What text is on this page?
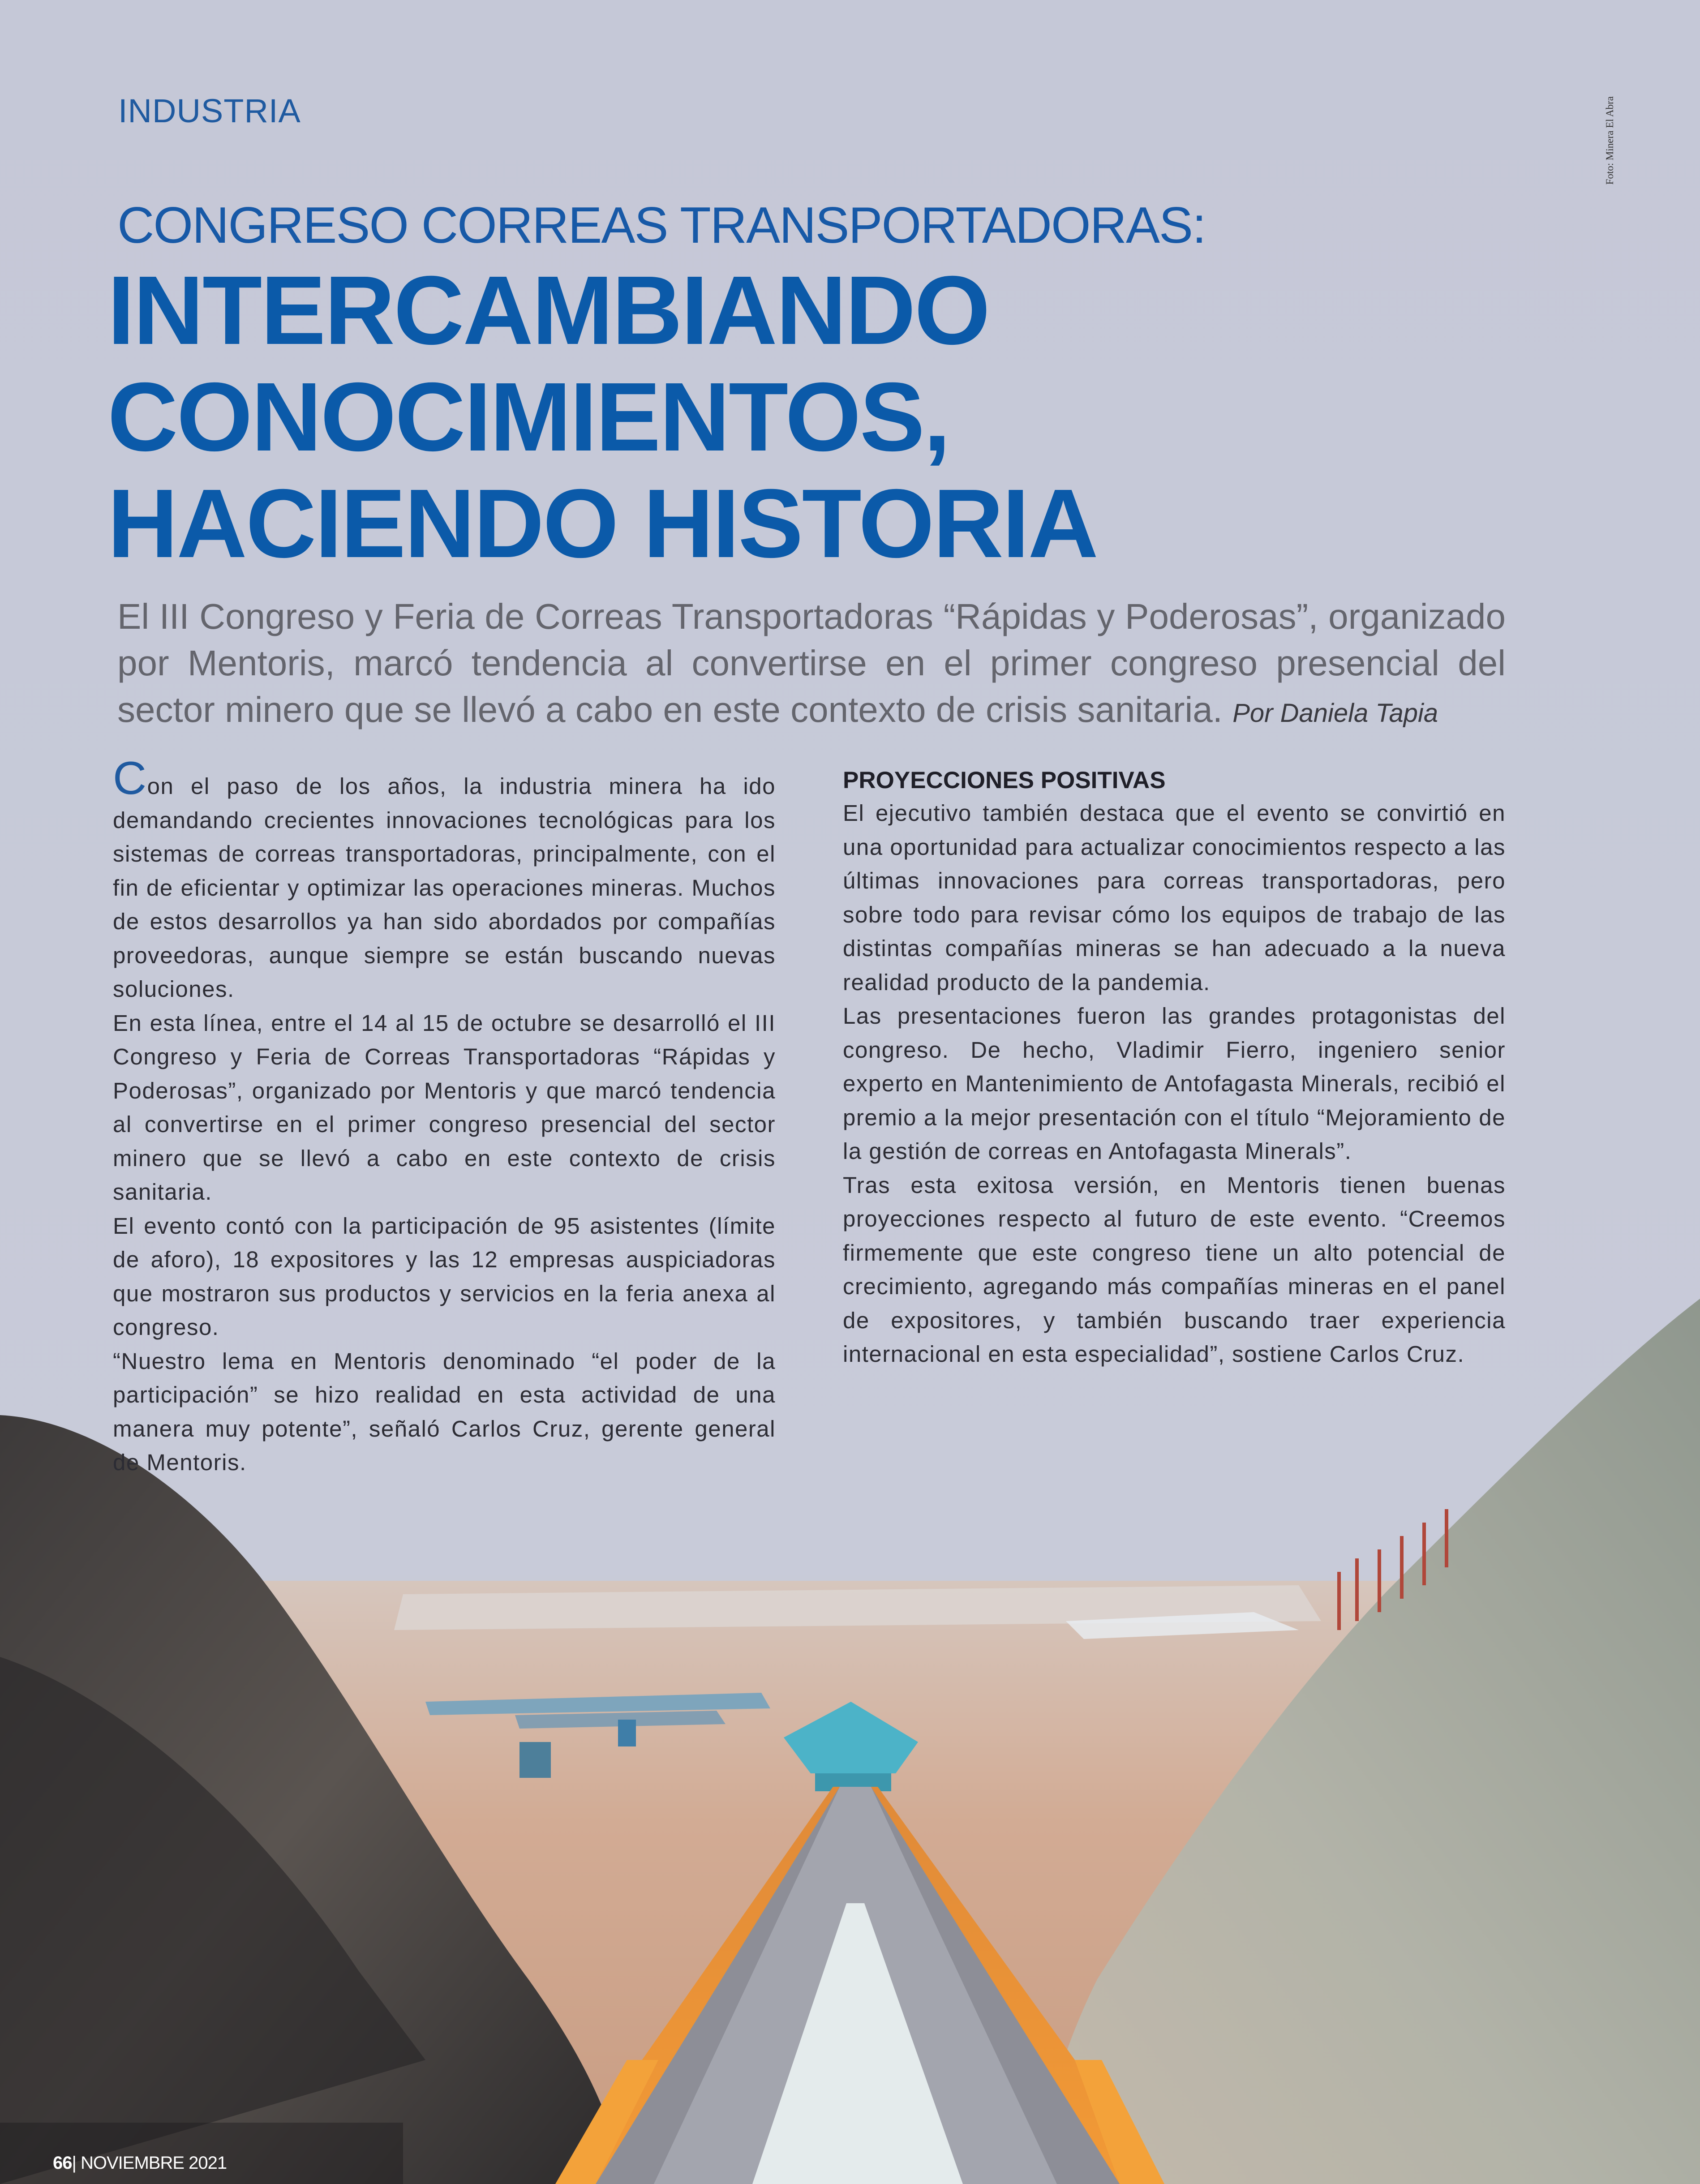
INDUSTRIA	Foto: Minera El Abra
CONGRESO CORREAS TRANSPORTADORAS:
INTERCAMBIANDO
CONOCIMIENTOS,
HACIENDO HISTORIA
El III Congreso y Feria de Correas Transportadoras “Rápidas y Poderosas”, organizado por Mentoris, marcó tendencia al convertirse en el primer congreso presencial del sector minero que se llevó a cabo en este contexto de crisis sanitaria. Por Daniela Tapia

Con el paso de los años, la industria minera ha ido demandando crecientes innovaciones tecnológicas para los sistemas de correas transportadoras, principalmente, con el fin de eficientar y optimizar las operaciones mineras. Muchos de estos desarrollos ya han sido abordados por compañías proveedoras, aunque siempre se están buscando nuevas soluciones.

En esta línea, entre el 14 al 15 de octubre se desarrolló el III Congreso y Feria de Correas Transportadoras “Rápidas y Poderosas”, organizado por Mentoris y que marcó tendencia al convertirse en el primer congreso presencial del sector minero que se llevó a cabo en este contexto de crisis sanitaria.

El evento contó con la participación de 95 asistentes (límite de aforo), 18 expositores y las 12 empresas auspiciadoras que mostraron sus productos y servicios en la feria anexa al congreso.

“Nuestro lema en Mentoris denominado “el poder de la participación” se hizo realidad en esta actividad de una manera muy potente”, señaló Carlos Cruz, gerente general de Mentoris.

PROYECCIONES POSITIVAS

El ejecutivo también destaca que el evento se convirtió en una oportunidad para actualizar conocimientos respecto a las últimas innovaciones para correas transportadoras, pero sobre todo para revisar cómo los equipos de trabajo de las distintas compañías mineras se han adecuado a la nueva realidad producto de la pandemia.

Las presentaciones fueron las grandes protagonistas del congreso. De hecho, Vladimir Fierro, ingeniero senior experto en Mantenimiento de Antofagasta Minerals, recibió el premio a la mejor presentación con el título “Mejoramiento de la gestión de correas en Antofagasta Minerals”.

Tras esta exitosa versión, en Mentoris tienen buenas proyecciones respecto al futuro de este evento. “Creemos firmemente que este congreso tiene un alto potencial de crecimiento, agregando más compañías mineras en el panel de expositores, y también buscando traer experiencia internacional en esta especialidad”, sostiene Carlos Cruz.

66| NOVIEMBRE 2021
